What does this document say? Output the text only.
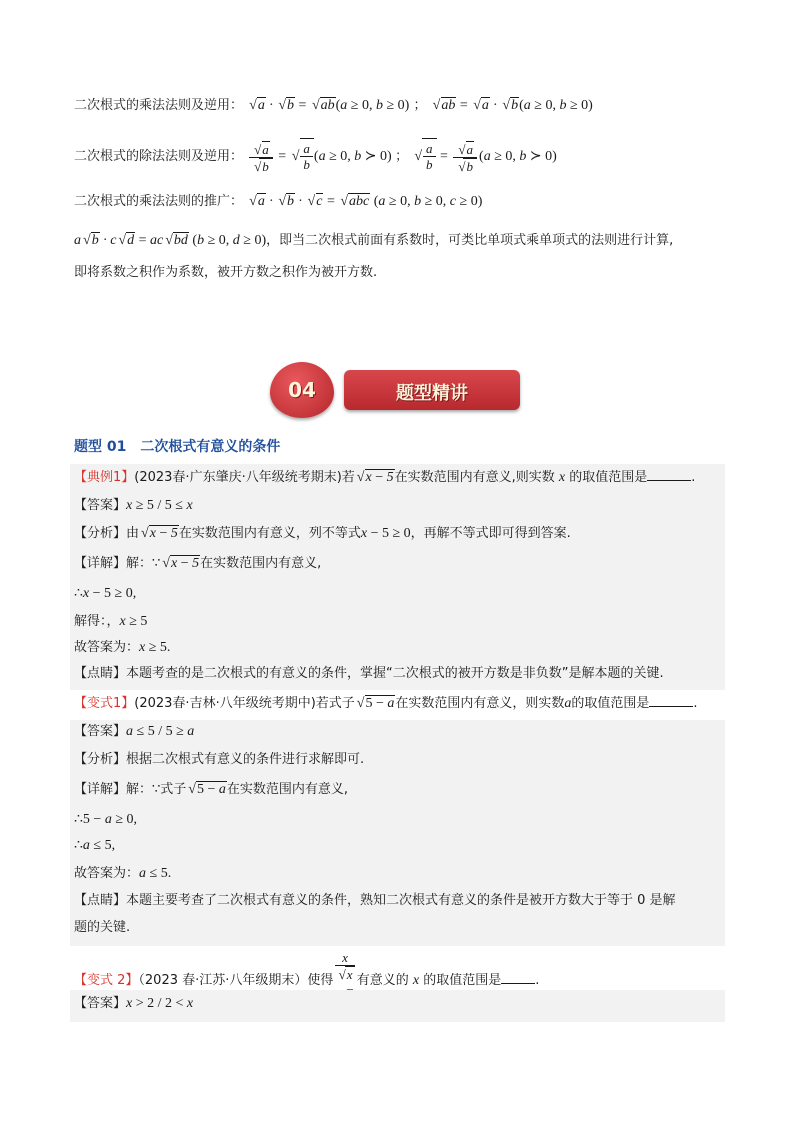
二次根式的乘法法则及逆用： √ a · √ b = √ ab(a ≥ 0, b ≥ 0) ； √ ab = √ a · √ b(a ≥ 0, b ≥ 0)
二次根式的除法法则及逆用： √ a
√ b = √ $\frac{a}{b} (a \ge 0$, b ≻ 0) ； √ $\frac{a}{b}$ = √ a
√ b (a ≥ 0, b ≻ 0)
二次根式的乘法法则的推广： √ a · √ b · √ c = √ abc (a ≥ 0, b ≥ 0, c ≥ 0)
a √ b · c √ d = ac √ bd (b ≥ 0, d ≥ 0)，即当二次根式前面有系数时，可类比单项式乘单项式的法则进行计算,
即将系数之积作为系数，被开方数之积作为被开方数.
04	题型精讲
题型 01　二次根式有意义的条件
【典例1】(2023春·广东肇庆·八年级统考期末)若 √ x − 5在实数范围内有意义,则实数 x 的取值范围是	.
【答案】x ≥ 5 / 5 ≤ x
【分析】由 √ x − 5在实数范围内有意义，列不等式x − 5 ≥ 0，再解不等式即可得到答案.
【详解】解：∵ √ x − 5在实数范围内有意义,
∴x − 5 ≥ 0,
解得：，x ≥ 5
故答案为：x ≥ 5.
【点睛】本题考查的是二次根式的有意义的条件，掌握“二次根式的被开方数是非负数”是解本题的关键.
【变式1】(2023春·吉林·八年级统考期中)若式子 √ 5 − a在实数范围内有意义，则实数a的取值范围是	.
【答案】a ≤ 5 / 5 ≥ a
【分析】根据二次根式有意义的条件进行求解即可.
【详解】解：∵式子 √ 5 − a在实数范围内有意义,
∴5 − a ≥ 0,
∴a ≤ 5,
故答案为：a ≤ 5.
【点睛】本题主要考查了二次根式有意义的条件，熟知二次根式有意义的条件是被开方数大于等于 0 是解
题的关键.
【变式 2】（2023 春·江苏·八年级期末）使得 x
√ x 有意义的 x 的取值范围是	.
【答案】x > 2 / 2 < x
